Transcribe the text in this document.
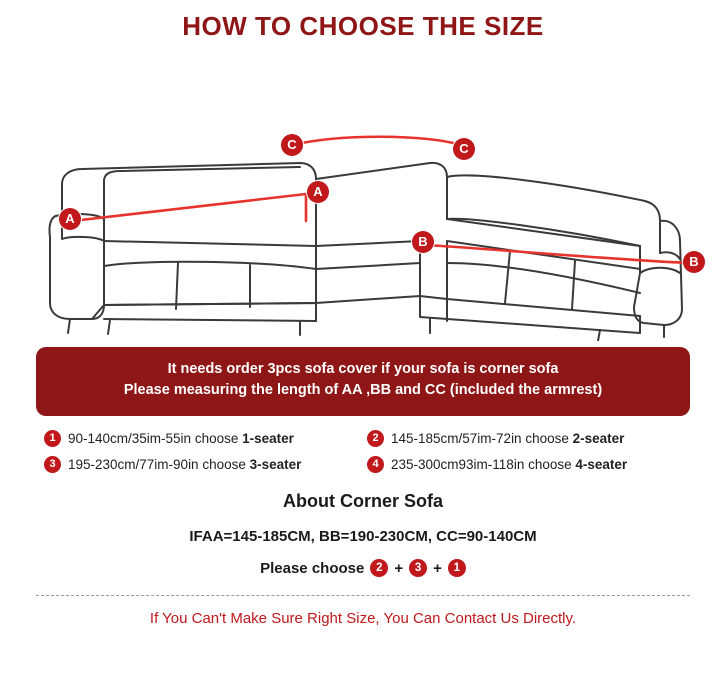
HOW TO CHOOSE THE SIZE
C	C
A
A
B
B
It needs order 3pcs sofa cover if your sofa is corner sofa
Please measuring the length of AA ,BB and CC (included the armrest)
1 90-140cm/35im-55in choose 1-seater	2 145-185cm/57im-72in choose 2-seater
3 195-230cm/77im-90in choose 3-seater	4 235-300cm93im-118in choose 4-seater
About Corner Sofa
IFAA=145-185CM, BB=190-230CM, CC=90-140CM
Please choose	2 +	3 +	1
If You Can't Make Sure Right Size, You Can Contact Us Directly.
